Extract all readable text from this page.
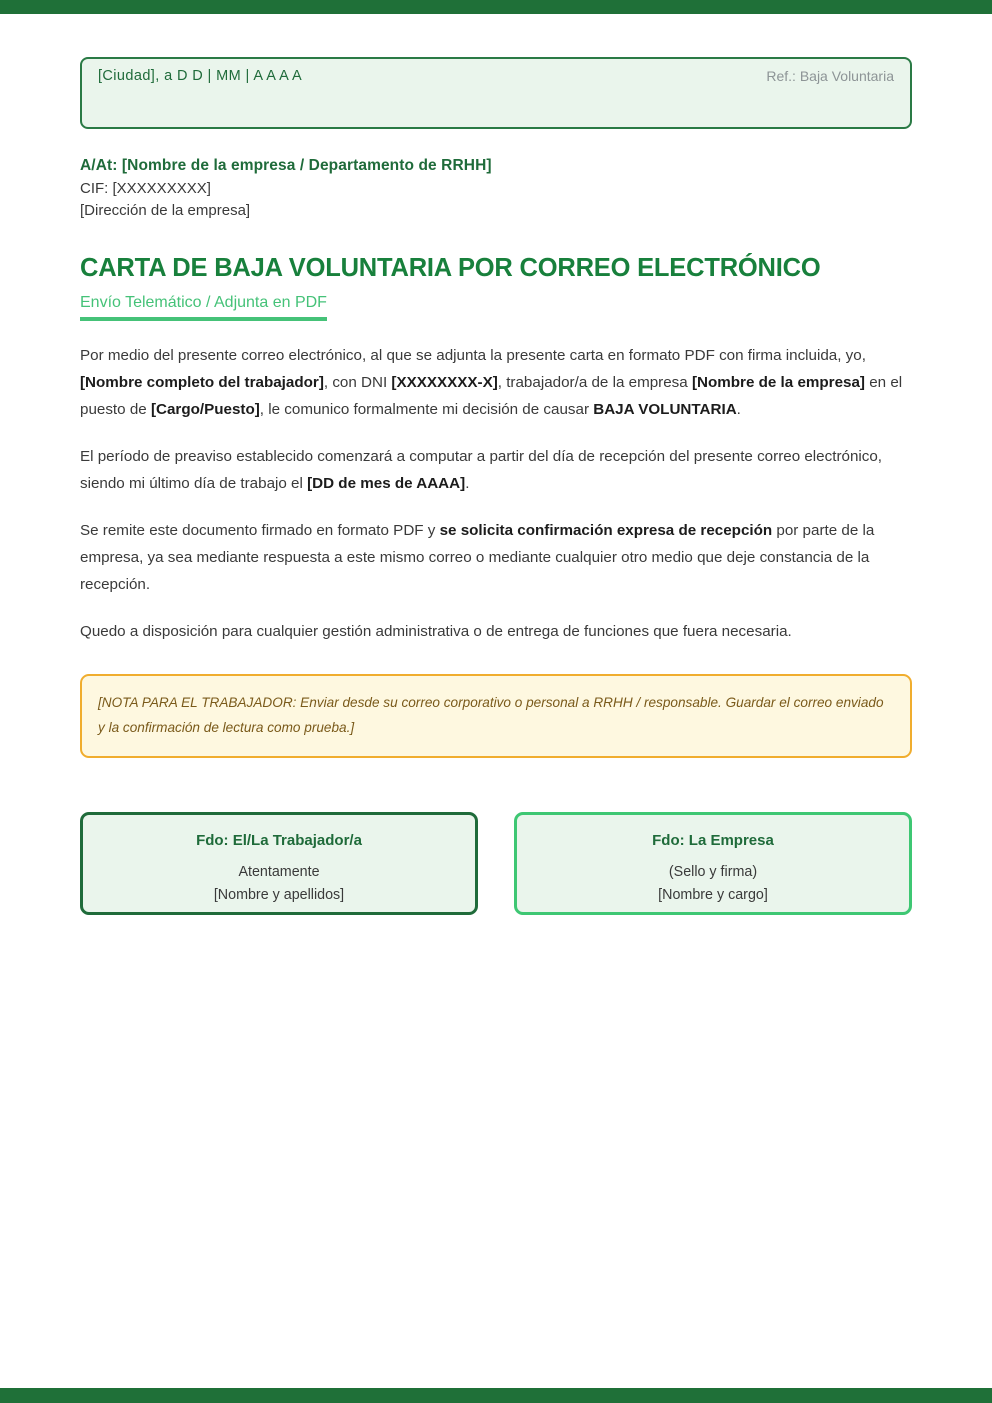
[Ciudad], a D D | MM | A A A A	Ref.: Baja Voluntaria
A/At: [Nombre de la empresa / Departamento de RRHH]
CIF: [XXXXXXXXX]
[Dirección de la empresa]
CARTA DE BAJA VOLUNTARIA POR CORREO ELECTRÓNICO
Envío Telemático / Adjunta en PDF

Por medio del presente correo electrónico, al que se adjunta la presente carta en formato PDF con firma incluida, yo, [Nombre completo del trabajador], con DNI [XXXXXXXX-X], trabajador/a de la empresa [Nombre de la empresa] en el puesto de [Cargo/Puesto], le comunico formalmente mi decisión de causar BAJA VOLUNTARIA.

El período de preaviso establecido comenzará a computar a partir del día de recepción del presente correo electrónico, siendo mi último día de trabajo el [DD de mes de AAAA].

Se remite este documento firmado en formato PDF y se solicita confirmación expresa de recepción por parte de la empresa, ya sea mediante respuesta a este mismo correo o mediante cualquier otro medio que deje constancia de la recepción.

Quedo a disposición para cualquier gestión administrativa o de entrega de funciones que fuera necesaria.

[NOTA PARA EL TRABAJADOR: Enviar desde su correo corporativo o personal a RRHH / responsable. Guardar el correo enviado y la confirmación de lectura como prueba.]
Fdo: El/La Trabajador/a
Atentamente
[Nombre y apellidos]
Fdo: La Empresa
(Sello y firma)
[Nombre y cargo]
